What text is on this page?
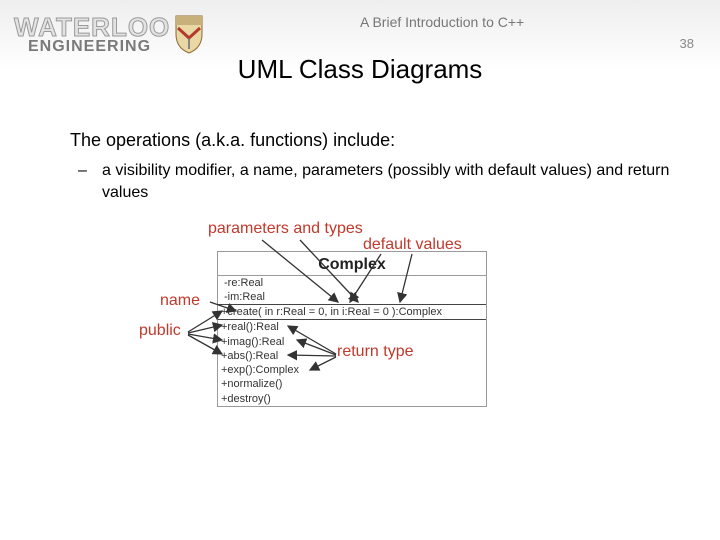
WATERLOO
ENGINEERING
A Brief Introduction to C++
38
UML Class Diagrams
The operations (a.k.a. functions) include:
– a visibility modifier, a name, parameters (possibly with default values) and return values
Complex
-re:Real
-im:Real
+create( in r:Real = 0, in i:Real = 0 ):Complex
+real():Real
+imag():Real
+abs():Real
+exp():Complex
+normalize()
+destroy()
parameters and types
default values
name
public
return type
